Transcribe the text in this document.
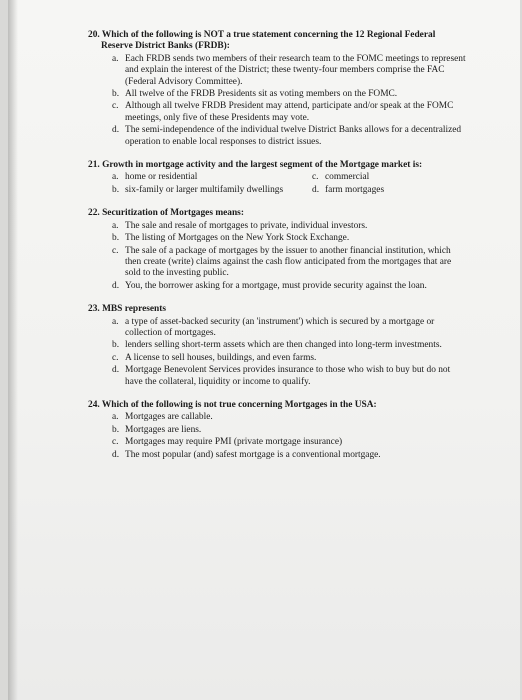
20. Which of the following is NOT a true statement concerning the 12 Regional Federal Reserve District Banks (FRDB):
a. Each FRDB sends two members of their research team to the FOMC meetings to represent and explain the interest of the District; these twenty-four members comprise the FAC (Federal Advisory Committee).
b. All twelve of the FRDB Presidents sit as voting members on the FOMC.
c. Although all twelve FRDB President may attend, participate and/or speak at the FOMC meetings, only five of these Presidents may vote.
d. The semi-independence of the individual twelve District Banks allows for a decentralized operation to enable local responses to district issues.
21. Growth in mortgage activity and the largest segment of the Mortgage market is:
a. home or residential	c. commercial
b. six-family or larger multifamily dwellings	d. farm mortgages
22. Securitization of Mortgages means:
a. The sale and resale of mortgages to private, individual investors.
b. The listing of Mortgages on the New York Stock Exchange.
c. The sale of a package of mortgages by the issuer to another financial institution, which then create (write) claims against the cash flow anticipated from the mortgages that are sold to the investing public.
d. You, the borrower asking for a mortgage, must provide security against the loan.
23. MBS represents
a. a type of asset-backed security (an 'instrument') which is secured by a mortgage or collection of mortgages.
b. lenders selling short-term assets which are then changed into long-term investments.
c. A license to sell houses, buildings, and even farms.
d. Mortgage Benevolent Services provides insurance to those who wish to buy but do not have the collateral, liquidity or income to qualify.
24. Which of the following is not true concerning Mortgages in the USA:
a. Mortgages are callable.
b. Mortgages are liens.
c. Mortgages may require PMI (private mortgage insurance)
d. The most popular (and) safest mortgage is a conventional mortgage.
